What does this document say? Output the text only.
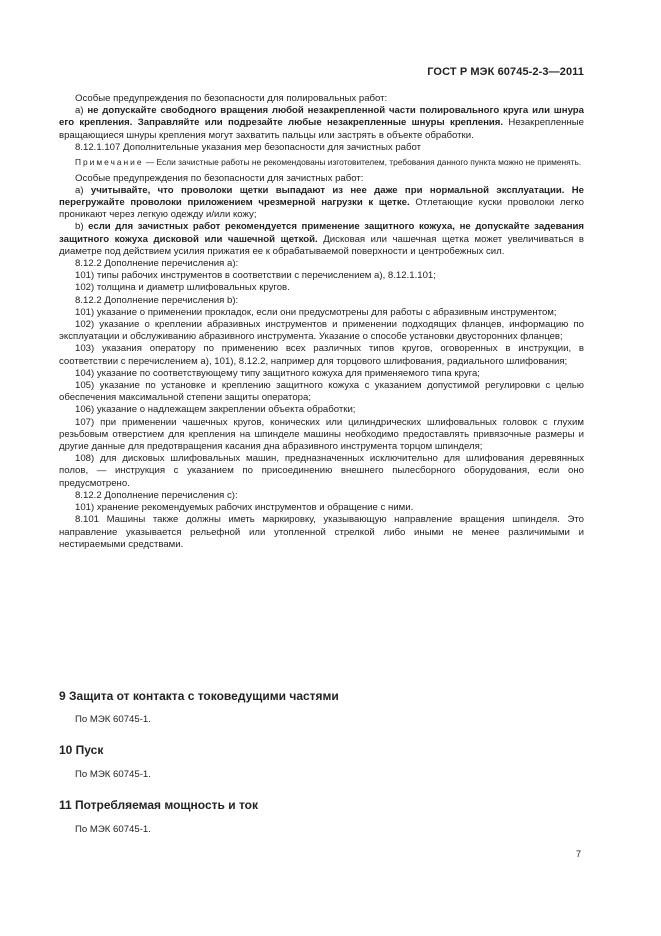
ГОСТ Р МЭК 60745-2-3—2011

Особые предупреждения по безопасности для полировальных работ:

а) не допускайте свободного вращения любой незакрепленной части полировального круга или шнура его крепления. Заправляйте или подрезайте любые незакрепленные шнуры крепления. Незакрепленные вращающиеся шнуры крепления могут захватить пальцы или застрять в объекте обработки.

8.12.1.107 Дополнительные указания мер безопасности для зачистных работ

Примечание — Если зачистные работы не рекомендованы изготовителем, требования данного пункта можно не применять.

Особые предупреждения по безопасности для зачистных работ:

а) учитывайте, что проволоки щетки выпадают из нее даже при нормальной эксплуатации. Не перегружайте проволоки приложением чрезмерной нагрузки к щетке. Отлетающие куски проволоки легко проникают через легкую одежду и/или кожу;

b) если для зачистных работ рекомендуется применение защитного кожуха, не допускайте задевания защитного кожуха дисковой или чашечной щеткой. Дисковая или чашечная щетка может увеличиваться в диаметре под действием усилия прижатия ее к обрабатываемой поверхности и центробежных сил.

8.12.2 Дополнение перечисления а):

101) типы рабочих инструментов в соответствии с перечислением а), 8.12.1.101;

102) толщина и диаметр шлифовальных кругов.

8.12.2 Дополнение перечисления b):

101) указание о применении прокладок, если они предусмотрены для работы с абразивным инструментом;

102) указание о креплении абразивных инструментов и применении подходящих фланцев, информацию по эксплуатации и обслуживанию абразивного инструмента. Указание о способе установки двусторонних фланцев;

103) указания оператору по применению всех различных типов кругов, оговоренных в инструкции, в соответствии с перечислением а), 101), 8.12.2, например для торцового шлифования, радиального шлифования;

104) указание по соответствующему типу защитного кожуха для применяемого типа круга;

105) указание по установке и креплению защитного кожуха с указанием допустимой регулировки с целью обеспечения максимальной степени защиты оператора;

106) указание о надлежащем закреплении объекта обработки;

107) при применении чашечных кругов, конических или цилиндрических шлифовальных головок с глухим резьбовым отверстием для крепления на шпинделе машины необходимо предоставлять привязочные размеры и другие данные для предотвращения касания дна абразивного инструмента торцом шпинделя;

108) для дисковых шлифовальных машин, предназначенных исключительно для шлифования деревянных полов, — инструкция с указанием по присоединению внешнего пылесборного оборудования, если оно предусмотрено.

8.12.2 Дополнение перечисления с):

101) хранение рекомендуемых рабочих инструментов и обращение с ними.

8.101 Машины также должны иметь маркировку, указывающую направление вращения шпинделя. Это направление указывается рельефной или утопленной стрелкой либо иными не менее различимыми и нестираемыми средствами.

9 Защита от контакта с токоведущими частями

По МЭК 60745-1.

10 Пуск

По МЭК 60745-1.

11 Потребляемая мощность и ток

По МЭК 60745-1.

7
